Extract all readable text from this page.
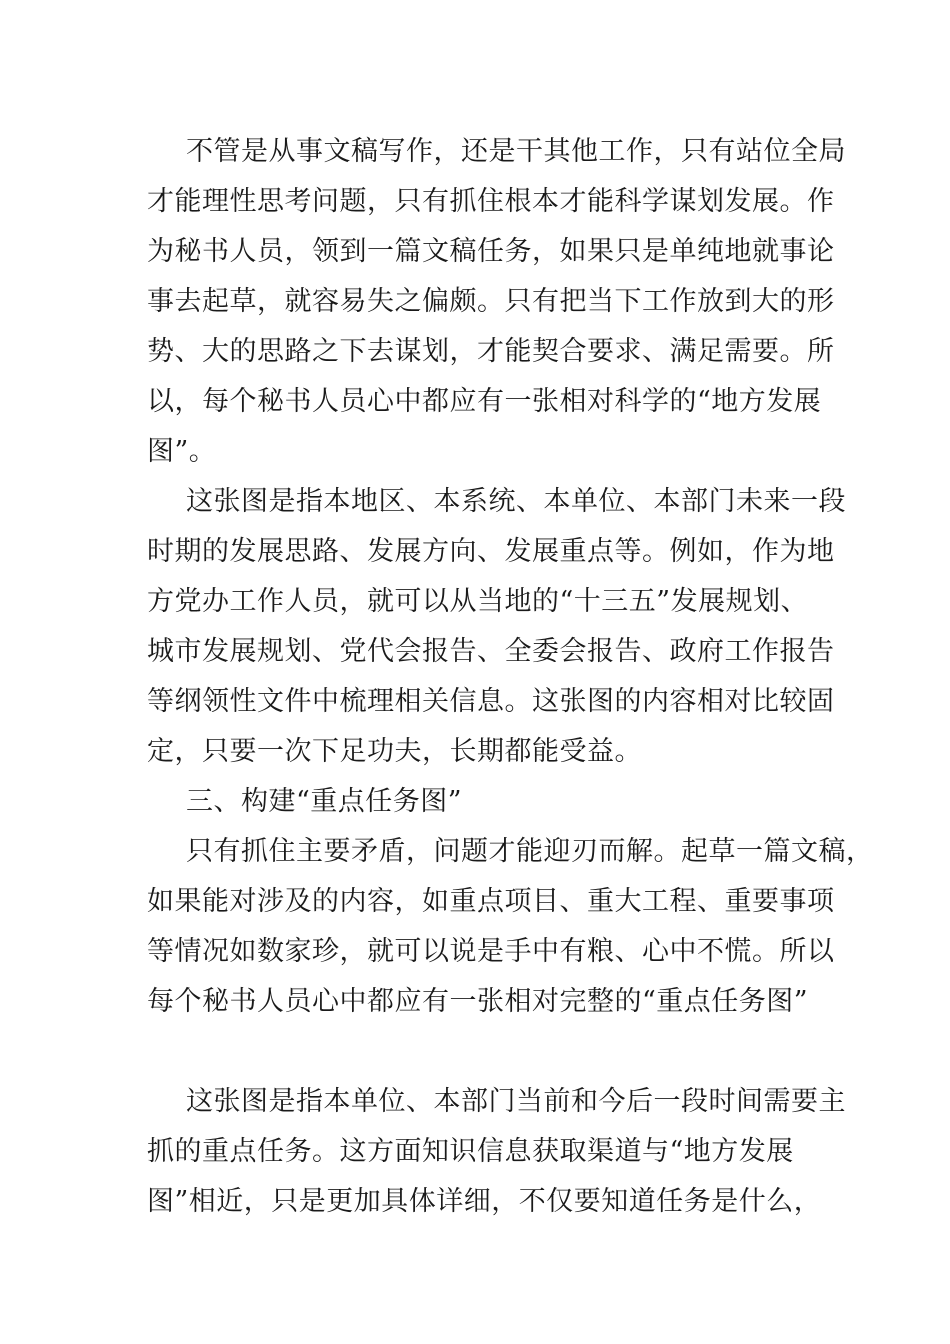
不管是从事文稿写作，还是干其他工作，只有站位全局
才能理性思考问题，只有抓住根本才能科学谋划发展。作
为秘书人员，领到一篇文稿任务，如果只是单纯地就事论
事去起草，就容易失之偏颇。只有把当下工作放到大的形
势、大的思路之下去谋划，才能契合要求、满足需要。所
以，每个秘书人员心中都应有一张相对科学的“地方发展
图”。
这张图是指本地区、本系统、本单位、本部门未来一段
时期的发展思路、发展方向、发展重点等。例如，作为地
方党办工作人员，就可以从当地的“十三五”发展规划、
城市发展规划、党代会报告、全委会报告、政府工作报告
等纲领性文件中梳理相关信息。这张图的内容相对比较固
定，只要一次下足功夫，长期都能受益。
三、构建“重点任务图”
只有抓住主要矛盾，问题才能迎刃而解。起草一篇文稿，
如果能对涉及的内容，如重点项目、重大工程、重要事项
等情况如数家珍，就可以说是手中有粮、心中不慌。所以
每个秘书人员心中都应有一张相对完整的“重点任务图”
这张图是指本单位、本部门当前和今后一段时间需要主
抓的重点任务。这方面知识信息获取渠道与“地方发展
图”相近，只是更加具体详细，不仅要知道任务是什么，
